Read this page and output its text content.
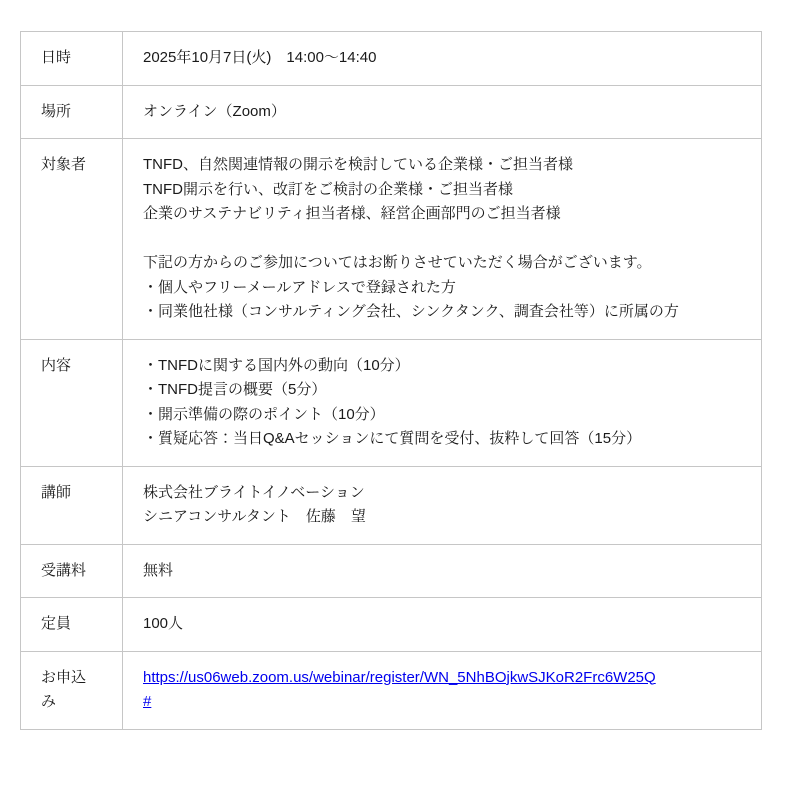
日時	2025年10月7日(火)　14:00〜14:40

場所	オンライン（Zoom）

対象者	TNFD、自然関連情報の開示を検討している企業様・ご担当者様
TNFD開示を行い、改訂をご検討の企業様・ご担当者様
企業のサステナビリティ担当者様、経営企画部門のご担当者様
下記の方からのご参加についてはお断りさせていただく場合がございます。
・個人やフリーメールアドレスで登録された方
・同業他社様（コンサルティング会社、シンクタンク、調査会社等）に所属の方

内容	・TNFDに関する国内外の動向（10分）
・TNFD提言の概要（5分）
・開示準備の際のポイント（10分）
・質疑応答：当日Q&Aセッションにて質問を受付、抜粋して回答（15分）

講師	株式会社ブライトイノベーション
シニアコンサルタント　佐藤　望

受講料	無料

定員	100人

お申込み	https://us06web.zoom.us/webinar/register/WN_5NhBOjkwSJKoR2Frc6W25Q
#
